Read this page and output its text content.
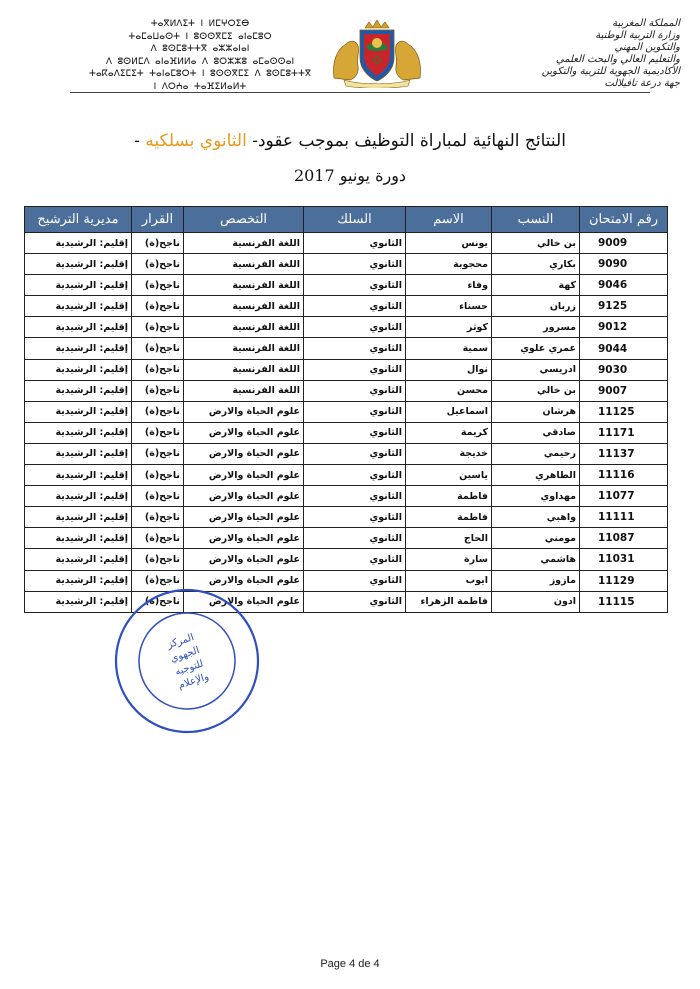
المملكة المغربية
وزارة التربية الوطنية
والتكوين المهني
والتعليم العالي والبحث العلمي
الأكاديمية الجهوية للتربية والتكوين
جهة درعة تافيلالت
ⵜⴰⴳⵍⴷⵉⵜ ⵏ ⵍⵎⵖⵔⵉⴱ
ⵜⴰⵎⴰⵡⴰⵙⵜ ⵏ ⵓⵙⵙⴳⵎⵉ ⴰⵏⴰⵎⵓⵔ
ⴷ ⵓⵙⵎⵓⵜⵜⴳ ⴰⵣⵣⴰⵏⴰⵏ
ⴷ ⵓⵙⵍⵎⴷ ⴰⵏⴰⴼⵍⵍⴰ ⴷ ⵓⵔⵣⵣⵓ ⴰⵎⴰⵙⵙⴰⵏ
ⵜⴰⴽⴰⴷⵉⵎⵉⵜ ⵜⴰⵏⴰⵎⵓⵔⵜ ⵏ ⵓⵙⵙⴳⵎⵉ ⴷ ⵓⵙⵎⵓⵜⵜⴳ
ⵏ ⴷⵔⵄⴰ ⵜⴰⴼⵉⵍⴰⵍⵜ
النتائج النهائية لمباراة التوظيف بموجب عقود- الثانوي بسلكيه -
دورة يونيو 2017
رقم الامتحان	النسب	الاسم	السلك	التخصص	القرار	مديرية الترشيح
9009	بن خالي	يونس	الثانوي	اللغة الفرنسية	ناجح(ة)	إقليم: الرشيدية
9090	بكاري	محجوبة	الثانوي	اللغة الفرنسية	ناجح(ة)	إقليم: الرشيدية
9046	كهة	وفاء	الثانوي	اللغة الفرنسية	ناجح(ة)	إقليم: الرشيدية
9125	زربان	حسناء	الثانوي	اللغة الفرنسية	ناجح(ة)	إقليم: الرشيدية
9012	مسرور	كوثر	الثانوي	اللغة الفرنسية	ناجح(ة)	إقليم: الرشيدية
9044	عمري علوي	سمية	الثانوي	اللغة الفرنسية	ناجح(ة)	إقليم: الرشيدية
9030	ادريسي	نوال	الثانوي	اللغة الفرنسية	ناجح(ة)	إقليم: الرشيدية
9007	بن خالي	محسن	الثانوي	اللغة الفرنسية	ناجح(ة)	إقليم: الرشيدية
11125	هرشان	اسماعيل	الثانوي	علوم الحياة والارض	ناجح(ة)	إقليم: الرشيدية
11171	صادقي	كريمة	الثانوي	علوم الحياة والارض	ناجح(ة)	إقليم: الرشيدية
11137	رحيمي	خديجة	الثانوي	علوم الحياة والارض	ناجح(ة)	إقليم: الرشيدية
11116	الطاهري	ياسين	الثانوي	علوم الحياة والارض	ناجح(ة)	إقليم: الرشيدية
11077	مهداوي	فاطمة	الثانوي	علوم الحياة والارض	ناجح(ة)	إقليم: الرشيدية
11111	واهبي	فاطمة	الثانوي	علوم الحياة والارض	ناجح(ة)	إقليم: الرشيدية
11087	مومني	الحاج	الثانوي	علوم الحياة والارض	ناجح(ة)	إقليم: الرشيدية
11031	هاشمي	سارة	الثانوي	علوم الحياة والارض	ناجح(ة)	إقليم: الرشيدية
11129	مازوز	ايوب	الثانوي	علوم الحياة والارض	ناجح(ة)	إقليم: الرشيدية
11115	ادون	فاطمة الزهراء	الثانوي	علوم الحياة والارض	ناجح(ة)	إقليم: الرشيدية
المركز
الجهوي
للتوجيه
والإعلام
Page 4 de 4
